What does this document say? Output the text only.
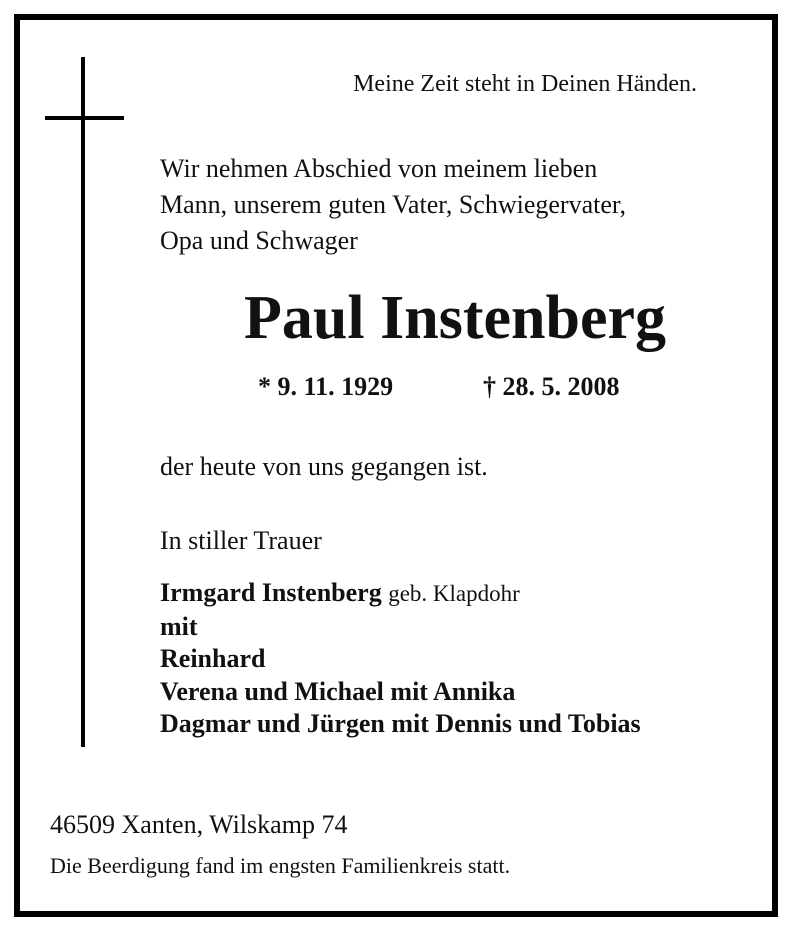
Meine Zeit steht in Deinen Händen.
Wir nehmen Abschied von meinem lieben
Mann, unserem guten Vater, Schwiegervater,
Opa und Schwager
Paul Instenberg
* 9. 11. 1929	† 28. 5. 2008
der heute von uns gegangen ist.
In stiller Trauer
Irmgard Instenberg geb. Klapdohr
mit
Reinhard
Verena und Michael mit Annika
Dagmar und Jürgen mit Dennis und Tobias
46509 Xanten, Wilskamp 74
Die Beerdigung fand im engsten Familienkreis statt.
